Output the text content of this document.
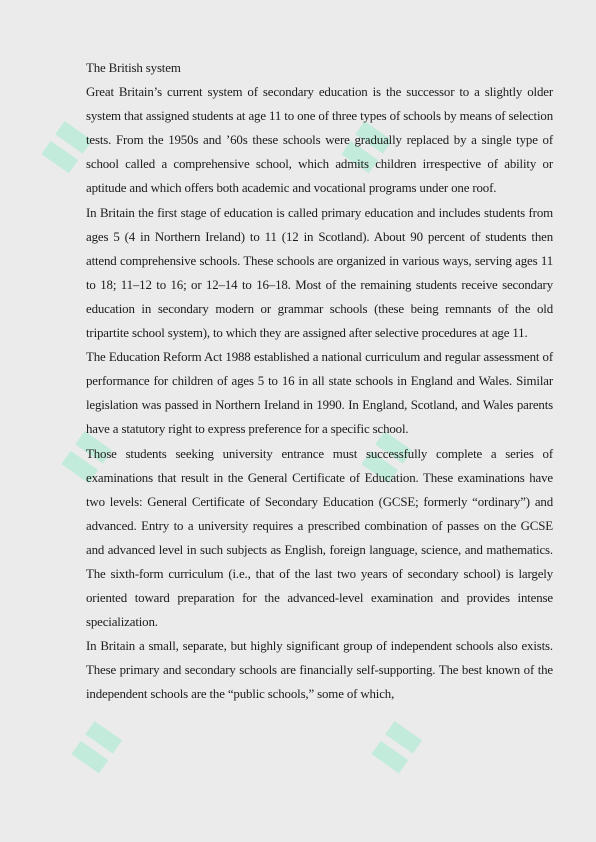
▮▮	▮▮
▮▮	▮▮
▮▮	▮▮

The British system

Great Britain’s current system of secondary education is the successor to a slightly older system that assigned students at age 11 to one of three types of schools by means of selection tests. From the 1950s and ’60s these schools were gradually replaced by a single type of school called a comprehensive school, which admits children irrespective of ability or aptitude and which offers both academic and vocational programs under one roof.

In Britain the first stage of education is called primary education and includes students from ages 5 (4 in Northern Ireland) to 11 (12 in Scotland). About 90 percent of students then attend comprehensive schools. These schools are organized in various ways, serving ages 11 to 18; 11–12 to 16; or 12–14 to 16–18. Most of the remaining students receive secondary education in secondary modern or grammar schools (these being remnants of the old tripartite school system), to which they are assigned after selective procedures at age 11.

The Education Reform Act 1988 established a national curriculum and regular assessment of performance for children of ages 5 to 16 in all state schools in England and Wales. Similar legislation was passed in Northern Ireland in 1990. In England, Scotland, and Wales parents have a statutory right to express preference for a specific school.

Those students seeking university entrance must successfully complete a series of examinations that result in the General Certificate of Education. These examinations have two levels: General Certificate of Secondary Education (GCSE; formerly “ordinary”) and advanced. Entry to a university requires a prescribed combination of passes on the GCSE and advanced level in such subjects as English, foreign language, science, and mathematics. The sixth-form curriculum (i.e., that of the last two years of secondary school) is largely oriented toward preparation for the advanced-level examination and provides intense specialization.

In Britain a small, separate, but highly significant group of independent schools also exists. These primary and secondary schools are financially self-supporting. The best known of the independent schools are the “public schools,” some of which,
